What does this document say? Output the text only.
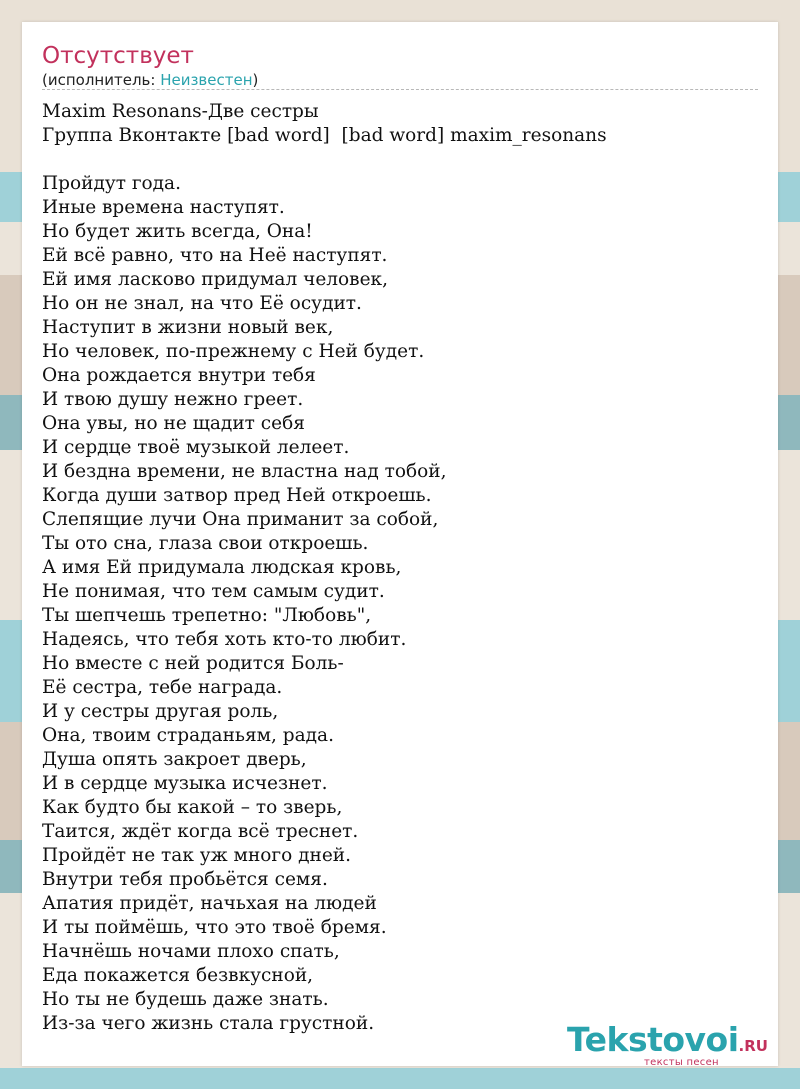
Отсутствует
(исполнитель: Неизвестен)
Maxim Resonans-Две сестры
Группа Вконтакте [bad word]  [bad word] maxim_resonans
Пройдут года.
Иные времена наступят.
Но будет жить всегда, Она!
Ей всё равно, что на Неё наступят.
Ей имя ласково придумал человек,
Но он не знал, на что Её осудит.
Наступит в жизни новый век,
Но человек, по-прежнему с Ней будет.
Она рождается внутри тебя
И твою душу нежно греет.
Она увы, но не щадит себя
И сердце твоё музыкой лелеет.
И бездна времени, не властна над тобой,
Когда души затвор пред Ней откроешь.
Слепящие лучи Она приманит за собой,
Ты ото сна, глаза свои откроешь.
А имя Ей придумала людская кровь,
Не понимая, что тем самым судит.
Ты шепчешь трепетно: "Любовь",
Надеясь, что тебя хоть кто-то любит.
Но вместе с ней родится Боль-
Её сестра, тебе награда.
И у сестры другая роль,
Она, твоим страданьям, рада.
Душа опять закроет дверь,
И в сердце музыка исчезнет.
Как будто бы какой – то зверь,
Таится, ждёт когда всё треснет.
Пройдёт не так уж много дней.
Внутри тебя пробьётся семя.
Апатия придёт, начьхая на людей
И ты поймёшь, что это твоё бремя.
Начнёшь ночами плохо спать,
Еда покажется безвкусной,
Но ты не будешь даже знать.
Из-за чего жизнь стала грустной.	Tekstovoi.RU
тексты песен
